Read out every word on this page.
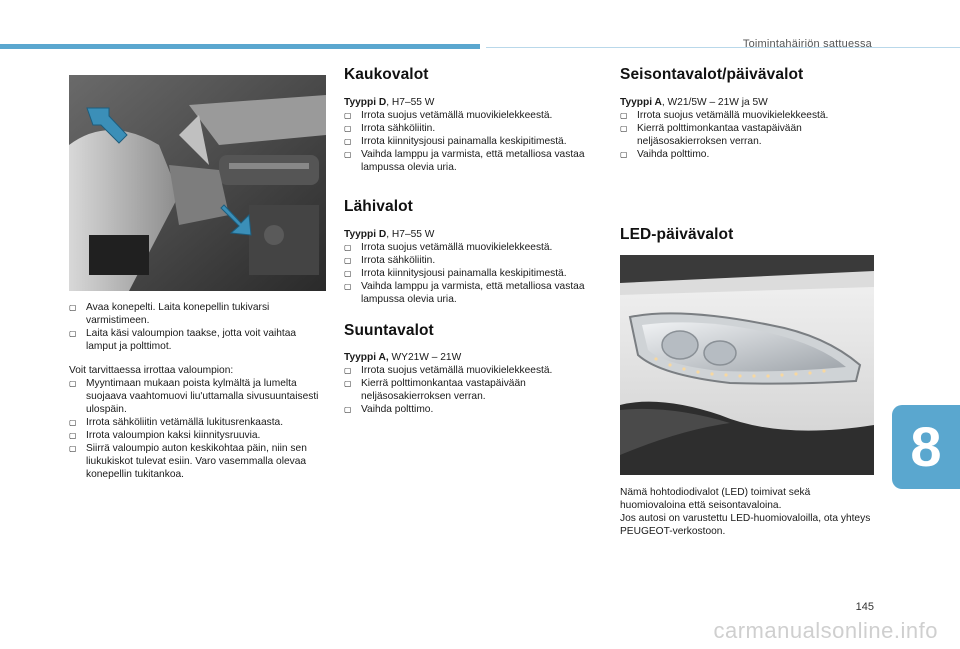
Toimintahäiriön sattuessa
8
▢ Avaa konepelti. Laita konepellin tukivarsi varmistimeen.
▢ Laita käsi valoumpion taakse, jotta voit vaihtaa lamput ja polttimot.

Voit tarvittaessa irrottaa valoumpion:

▢ Myyntimaan mukaan poista kylmältä ja lumelta suojaava vaahtomuovi liu'uttamalla sivusuuntaisesti ulospäin.
▢ Irrota sähköliitin vetämällä lukitusrenkaasta.
▢ Irrota valoumpion kaksi kiinnitysruuvia.
▢ Siirrä valoumpio auton keskikohtaa päin, niin sen liukukiskot tulevat esiin. Varo vasemmalla olevaa konepellin tukitankoa.
Kaukovalot
Tyyppi D, H7–55 W
▢ Irrota suojus vetämällä muovikielekkeestä.
▢ Irrota sähköliitin.
▢ Irrota kiinnitysjousi painamalla keskipitimestä.
▢ Vaihda lamppu ja varmista, että metalliosa vastaa lampussa olevia uria.
Lähivalot
Tyyppi D, H7–55 W
▢ Irrota suojus vetämällä muovikielekkeestä.
▢ Irrota sähköliitin.
▢ Irrota kiinnitysjousi painamalla keskipitimestä.
▢ Vaihda lamppu ja varmista, että metalliosa vastaa lampussa olevia uria.
Suuntavalot
Tyyppi A, WY21W – 21W
▢ Irrota suojus vetämällä muovikielekkeestä.
▢ Kierrä polttimonkantaa vastapäivään neljäsosakierroksen verran.
▢ Vaihda polttimo.
Seisontavalot/päivävalot
Tyyppi A, W21/5W – 21W ja 5W
▢ Irrota suojus vetämällä muovikielekkeestä.
▢ Kierrä polttimonkantaa vastapäivään neljäsosakierroksen verran.
▢ Vaihda polttimo.
LED-päivävalot

Nämä hohtodiodivalot (LED) toimivat sekä huomiovaloina että seisontavaloina.

Jos autosi on varustettu LED-huomiovaloilla, ota yhteys PEUGEOT-verkostoon.

145
carmanualsonline.info
